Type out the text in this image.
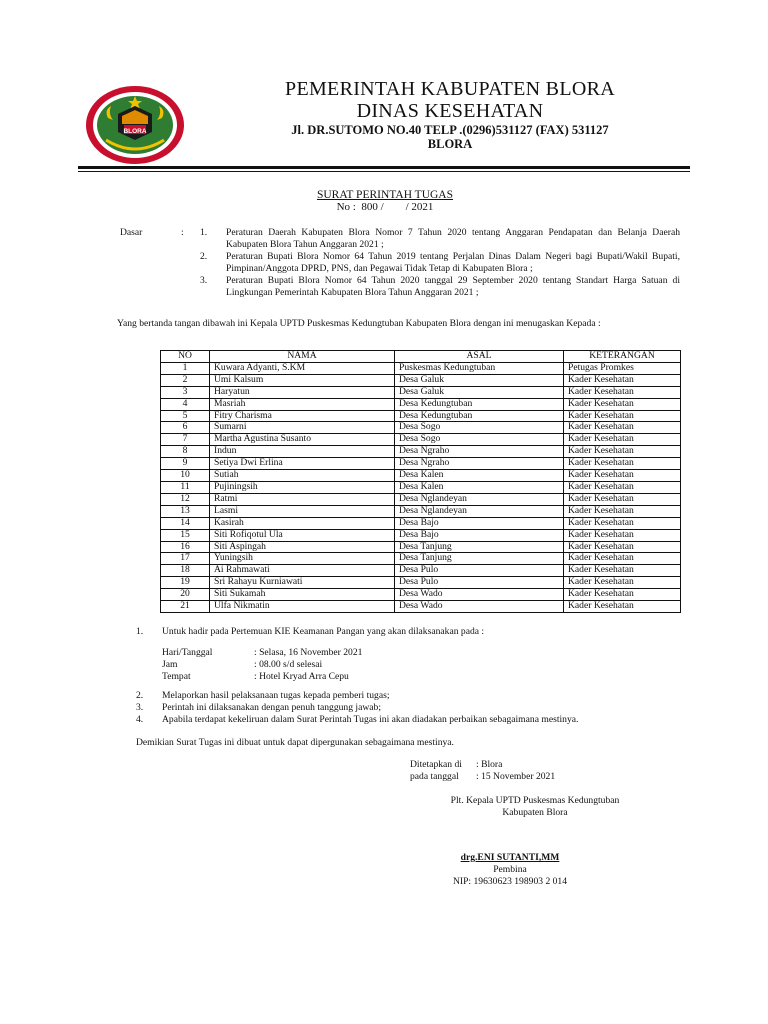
BLORA
PEMERINTAH KABUPATEN BLORA
DINAS KESEHATAN
Jl. DR.SUTOMO NO.40 TELP .(0296)531127 (FAX) 531127
BLORA
SURAT PERINTAH TUGAS
No :  800 /        / 2021
Dasar	: 1.	Peraturan Daerah Kabupaten Blora Nomor 7 Tahun 2020 tentang Anggaran Pendapatan dan Belanja Daerah Kabupaten Blora Tahun Anggaran 2021 ;
2.	Peraturan Bupati Blora Nomor 64 Tahun 2019 tentang Perjalan Dinas Dalam Negeri bagi Bupati/Wakil Bupati, Pimpinan/Anggota DPRD, PNS, dan Pegawai Tidak Tetap di Kabupaten Blora ;
3.	Peraturan Bupati Blora Nomor 64 Tahun 2020 tanggal 29 September 2020 tentang Standart Harga Satuan di Lingkungan Pemerintah Kabupaten Blora Tahun Anggaran 2021 ;
Yang bertanda tangan dibawah ini Kepala UPTD Puskesmas Kedungtuban Kabupaten Blora dengan ini menugaskan Kepada :
NO	NAMA	ASAL	KETERANGAN
1	Kuwara Adyanti, S.KM	Puskesmas Kedungtuban	Petugas Promkes
2	Umi Kalsum	Desa Galuk	Kader Kesehatan
3	Haryatun	Desa Galuk	Kader Kesehatan
4	Masriah	Desa Kedungtuban	Kader Kesehatan
5	Fitry Charisma	Desa Kedungtuban	Kader Kesehatan
6	Sumarni	Desa Sogo	Kader Kesehatan
7	Martha Agustina Susanto	Desa Sogo	Kader Kesehatan
8	Indun	Desa Ngraho	Kader Kesehatan
9	Setiya Dwi Erlina	Desa Ngraho	Kader Kesehatan
10	Sutiah	Desa Kalen	Kader Kesehatan
11	Pujiningsih	Desa Kalen	Kader Kesehatan
12	Ratmi	Desa Nglandeyan	Kader Kesehatan
13	Lasmi	Desa Nglandeyan	Kader Kesehatan
14	Kasirah	Desa Bajo	Kader Kesehatan
15	Siti Rofiqotul Ula	Desa Bajo	Kader Kesehatan
16	Siti Aspingah	Desa Tanjung	Kader Kesehatan
17	Yuningsih	Desa Tanjung	Kader Kesehatan
18	Ai Rahmawati	Desa Pulo	Kader Kesehatan
19	Sri Rahayu Kurniawati	Desa Pulo	Kader Kesehatan
20	Siti Sukamah	Desa Wado	Kader Kesehatan
21	Ulfa Nikmatin	Desa Wado	Kader Kesehatan
1. Untuk hadir pada Pertemuan KIE Keamanan Pangan yang akan dilaksanakan pada :
Hari/Tanggal	: Selasa, 16 November 2021
Jam	: 08.00 s/d selesai
Tempat	: Hotel Kryad Arra Cepu
2. Melaporkan hasil pelaksanaan tugas kepada pemberi tugas;
3. Perintah ini dilaksanakan dengan penuh tanggung jawab;
4. Apabila terdapat kekeliruan dalam Surat Perintah Tugas ini akan diadakan perbaikan sebagaimana mestinya.
Demikian Surat Tugas ini dibuat untuk dapat dipergunakan sebagaimana mestinya.
Ditetapkan di	: Blora
pada tanggal	: 15 November 2021
Plt. Kepala UPTD Puskesmas Kedungtuban
Kabupaten Blora
drg.ENI SUTANTI,MM
Pembina
NIP: 19630623 198903 2 014
